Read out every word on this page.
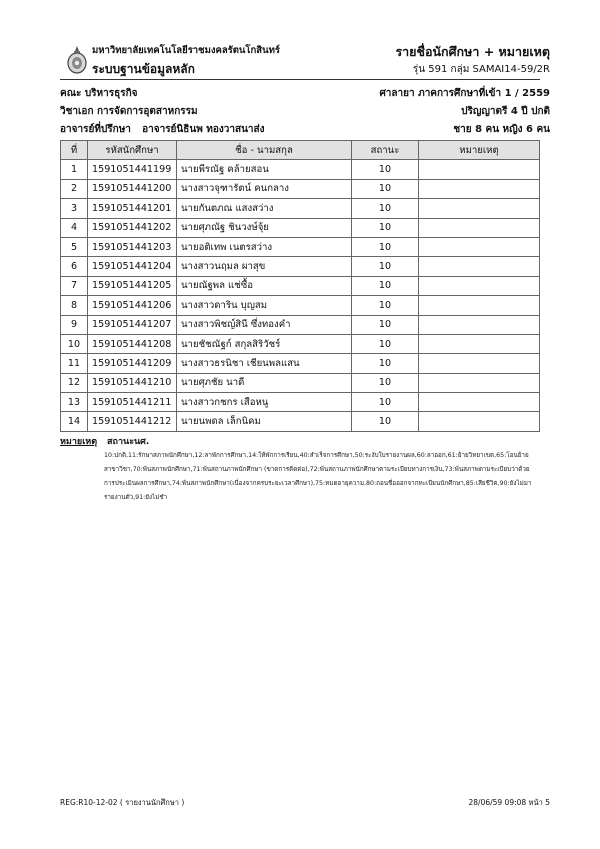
มหาวิทยาลัยเทคโนโลยีราชมงคลรัตนโกสินทร์
ระบบฐานข้อมูลหลัก
รายชื่อนักศึกษา + หมายเหตุ
รุ่น 591 กลุ่ม SAMAI14-59/2R
คณะ บริหารธุรกิจ	ศาลายา ภาคการศึกษาที่เข้า 1 / 2559
วิชาเอก การจัดการอุตสาหกรรม	ปริญญาตรี 4 ปี ปกติ
อาจารย์ที่ปรึกษา อาจารย์นิธินพ ทองวาสนาส่ง	ชาย 8 คน หญิง 6 คน
ที่	รหัสนักศึกษา	ชื่อ - นามสกุล	สถานะ	หมายเหตุ
1	1591051441199	นายพีรณัฐ คล้ายสอน	10	
2	1591051441200	นางสาวจุฑารัตน์ คนกลาง	10	
3	1591051441201	นายกันตภณ แสงสว่าง	10	
4	1591051441202	นายศุภณัฐ ชินวงษ์จุ้ย	10	
5	1591051441203	นายอติเทพ เนตรสว่าง	10	
6	1591051441204	นางสาวนฤมล ผาสุข	10	
7	1591051441205	นายณัฐพล แช่ซื้อ	10	
8	1591051441206	นางสาวดาริน บุญสม	10	
9	1591051441207	นางสาวพิชญ์สินี ซึ่งทองคำ	10	
10	1591051441208	นายชัชณัฐก์ สกุลสิริวัชร์	10	
11	1591051441209	นางสาวธรนิชา เชียนพลแสน	10	
12	1591051441210	นายศุภชัย นาดี	10	
13	1591051441211	นางสาวกชกร เสือหนู	10	
14	1591051441212	นายนพดล เล็กนิคม	10	
หมายเหตุ สถานะนศ.
10:ปกติ,11:รักษาสภาพนักศึกษา,12:ลาพักการศึกษา,14:ให้พักการเรียน,40:สำเร็จการศึกษา,50:ระงับใบรายงานผล,60:ลาออก,61:ย้ายวิทยาเขต,65:โอนย้ายสาขาวิชา,70:พ้นสภาพนักศึกษา,71:พ้นสถานภาพนักศึกษา (ขาดการติดต่อ),72:พ้นสถานภาพนักศึกษาตามระเบียบทางการเงิน,73:พ้นสภาพตามระเบียบว่าด้วยการประเมินผลการศึกษา,74:พ้นสภาพนักศึกษา(เนื่องจากครบระยะเวลาศึกษา),75:หมดอายุความ,80:ถอนชื่อออกจากทะเบียนนักศึกษา,85:เสียชีวิต,90:ยังไม่มารายงานตัว,91:ยังไม่ชำ
REG:R10-12-02 ( รายงานนักศึกษา )	28/06/59 09:08 หน้า 5
